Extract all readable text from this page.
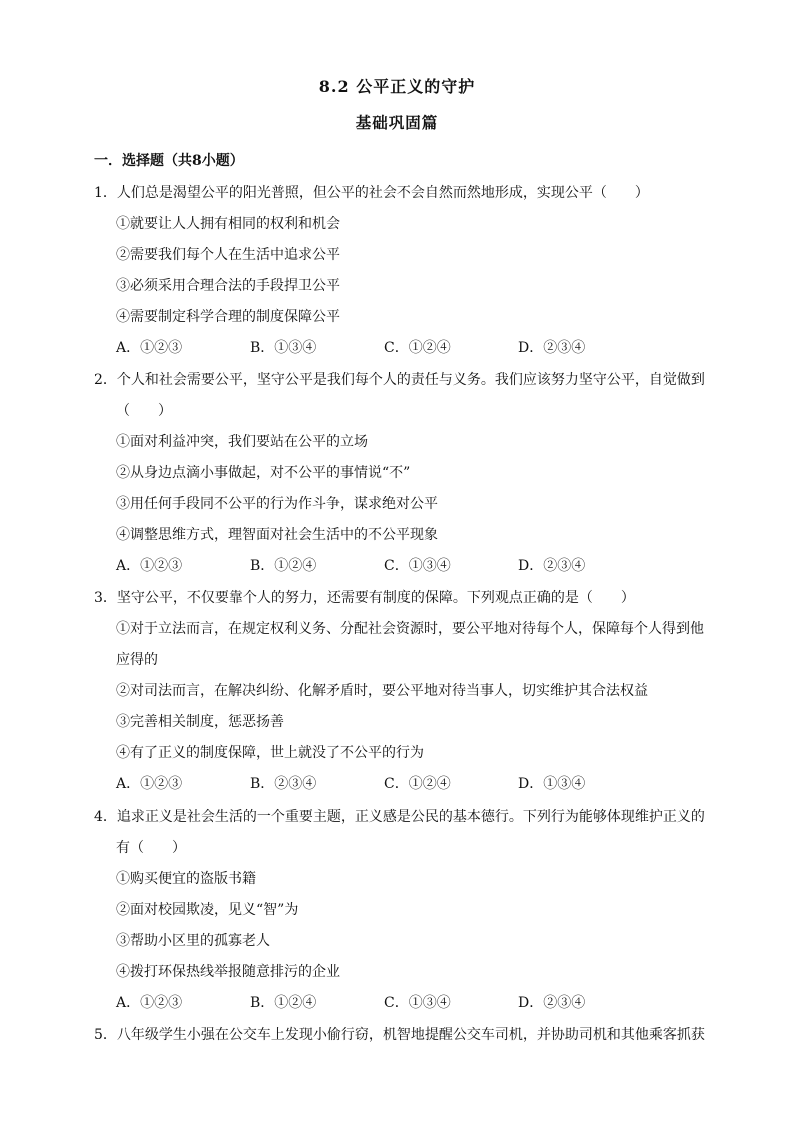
8.2 公平正义的守护
基础巩固篇
一．选择题（共8小题）
1．人们总是渴望公平的阳光普照，但公平的社会不会自然而然地形成，实现公平（　　）
①就要让人人拥有相同的权利和机会
②需要我们每个人在生活中追求公平
③必须采用合理合法的手段捍卫公平
④需要制定科学合理的制度保障公平
A．①②③	B．①③④	C．①②④	D．②③④
2．个人和社会需要公平，坚守公平是我们每个人的责任与义务。我们应该努力坚守公平，自觉做到
（　　）
①面对利益冲突，我们要站在公平的立场
②从身边点滴小事做起，对不公平的事情说“不”
③用任何手段同不公平的行为作斗争，谋求绝对公平
④调整思维方式，理智面对社会生活中的不公平现象
A．①②③	B．①②④	C．①③④	D．②③④
3．坚守公平，不仅要靠个人的努力，还需要有制度的保障。下列观点正确的是（　　）
①对于立法而言，在规定权利义务、分配社会资源时，要公平地对待每个人，保障每个人得到他
应得的
②对司法而言，在解决纠纷、化解矛盾时，要公平地对待当事人，切实维护其合法权益
③完善相关制度，惩恶扬善
④有了正义的制度保障，世上就没了不公平的行为
A．①②③	B．②③④	C．①②④	D．①③④
4．追求正义是社会生活的一个重要主题，正义感是公民的基本德行。下列行为能够体现维护正义的
有（　　）
①购买便宜的盗版书籍
②面对校园欺凌，见义“智”为
③帮助小区里的孤寡老人
④拨打环保热线举报随意排污的企业
A．①②③	B．①②④	C．①③④	D．②③④
5．八年级学生小强在公交车上发现小偷行窃，机智地提醒公交车司机，并协助司机和其他乘客抓获
